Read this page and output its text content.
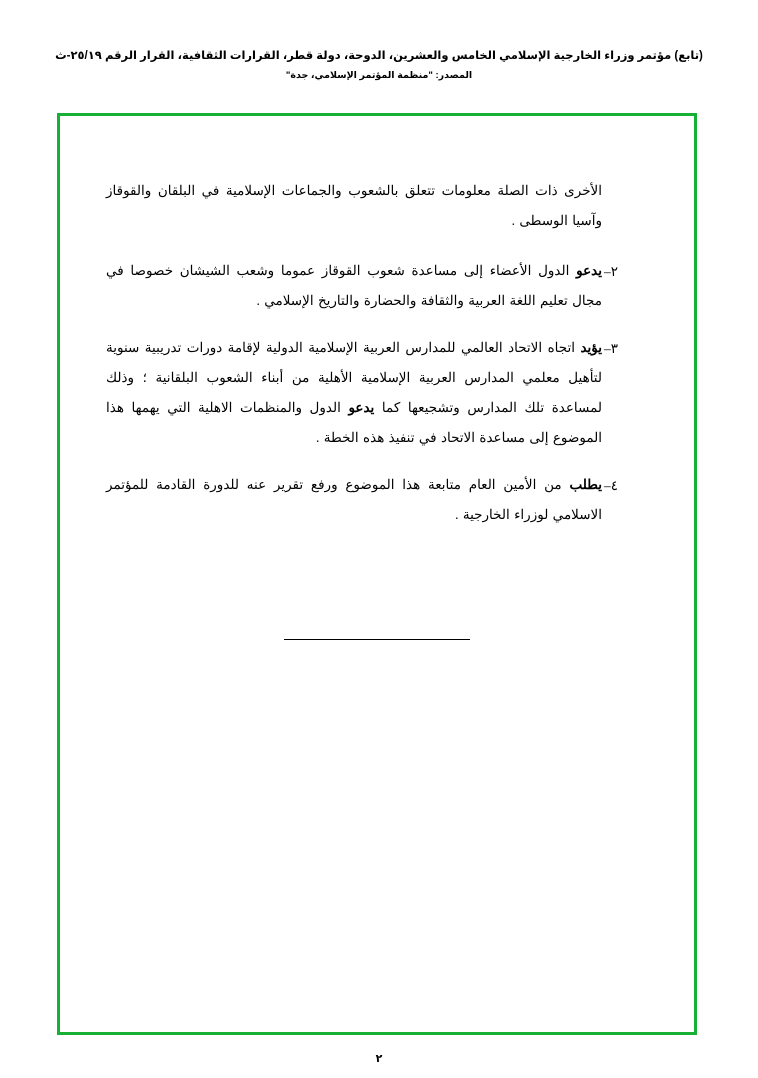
(تابع) مؤتمر وزراء الخارجية الإسلامي الخامس والعشرين، الدوحة، دولة قطر، القرارات الثقافية، القرار الرقم ٢٥/١٩-ث
المصدر: "منظمة المؤتمر الإسلامي، جدة"
الأخرى ذات الصلة معلومات تتعلق بالشعوب والجماعات الإسلامية في البلقان والقوقاز وآسيا الوسطى .
–٢
يدعو الدول الأعضاء إلى مساعدة شعوب القوقاز عموما وشعب الشيشان خصوصا في مجال تعليم اللغة العربية والثقافة والحضارة والتاريخ الإسلامي .
–٣
يؤيد اتجاه الاتحاد العالمي للمدارس العربية الإسلامية الدولية لإقامة دورات تدريبية سنوية لتأهيل معلمي المدارس العربية الإسلامية الأهلية من أبناء الشعوب البلقانية ؛ وذلك لمساعدة تلك المدارس وتشجيعها كما يدعو الدول والمنظمات الاهلية التي يهمها هذا الموضوع إلى مساعدة الاتحاد في تنفيذ هذه الخطة .
–٤
يطلب من الأمين العام متابعة هذا الموضوع ورفع تقرير عنه للدورة القادمة للمؤتمر الاسلامي لوزراء الخارجية .
٢
